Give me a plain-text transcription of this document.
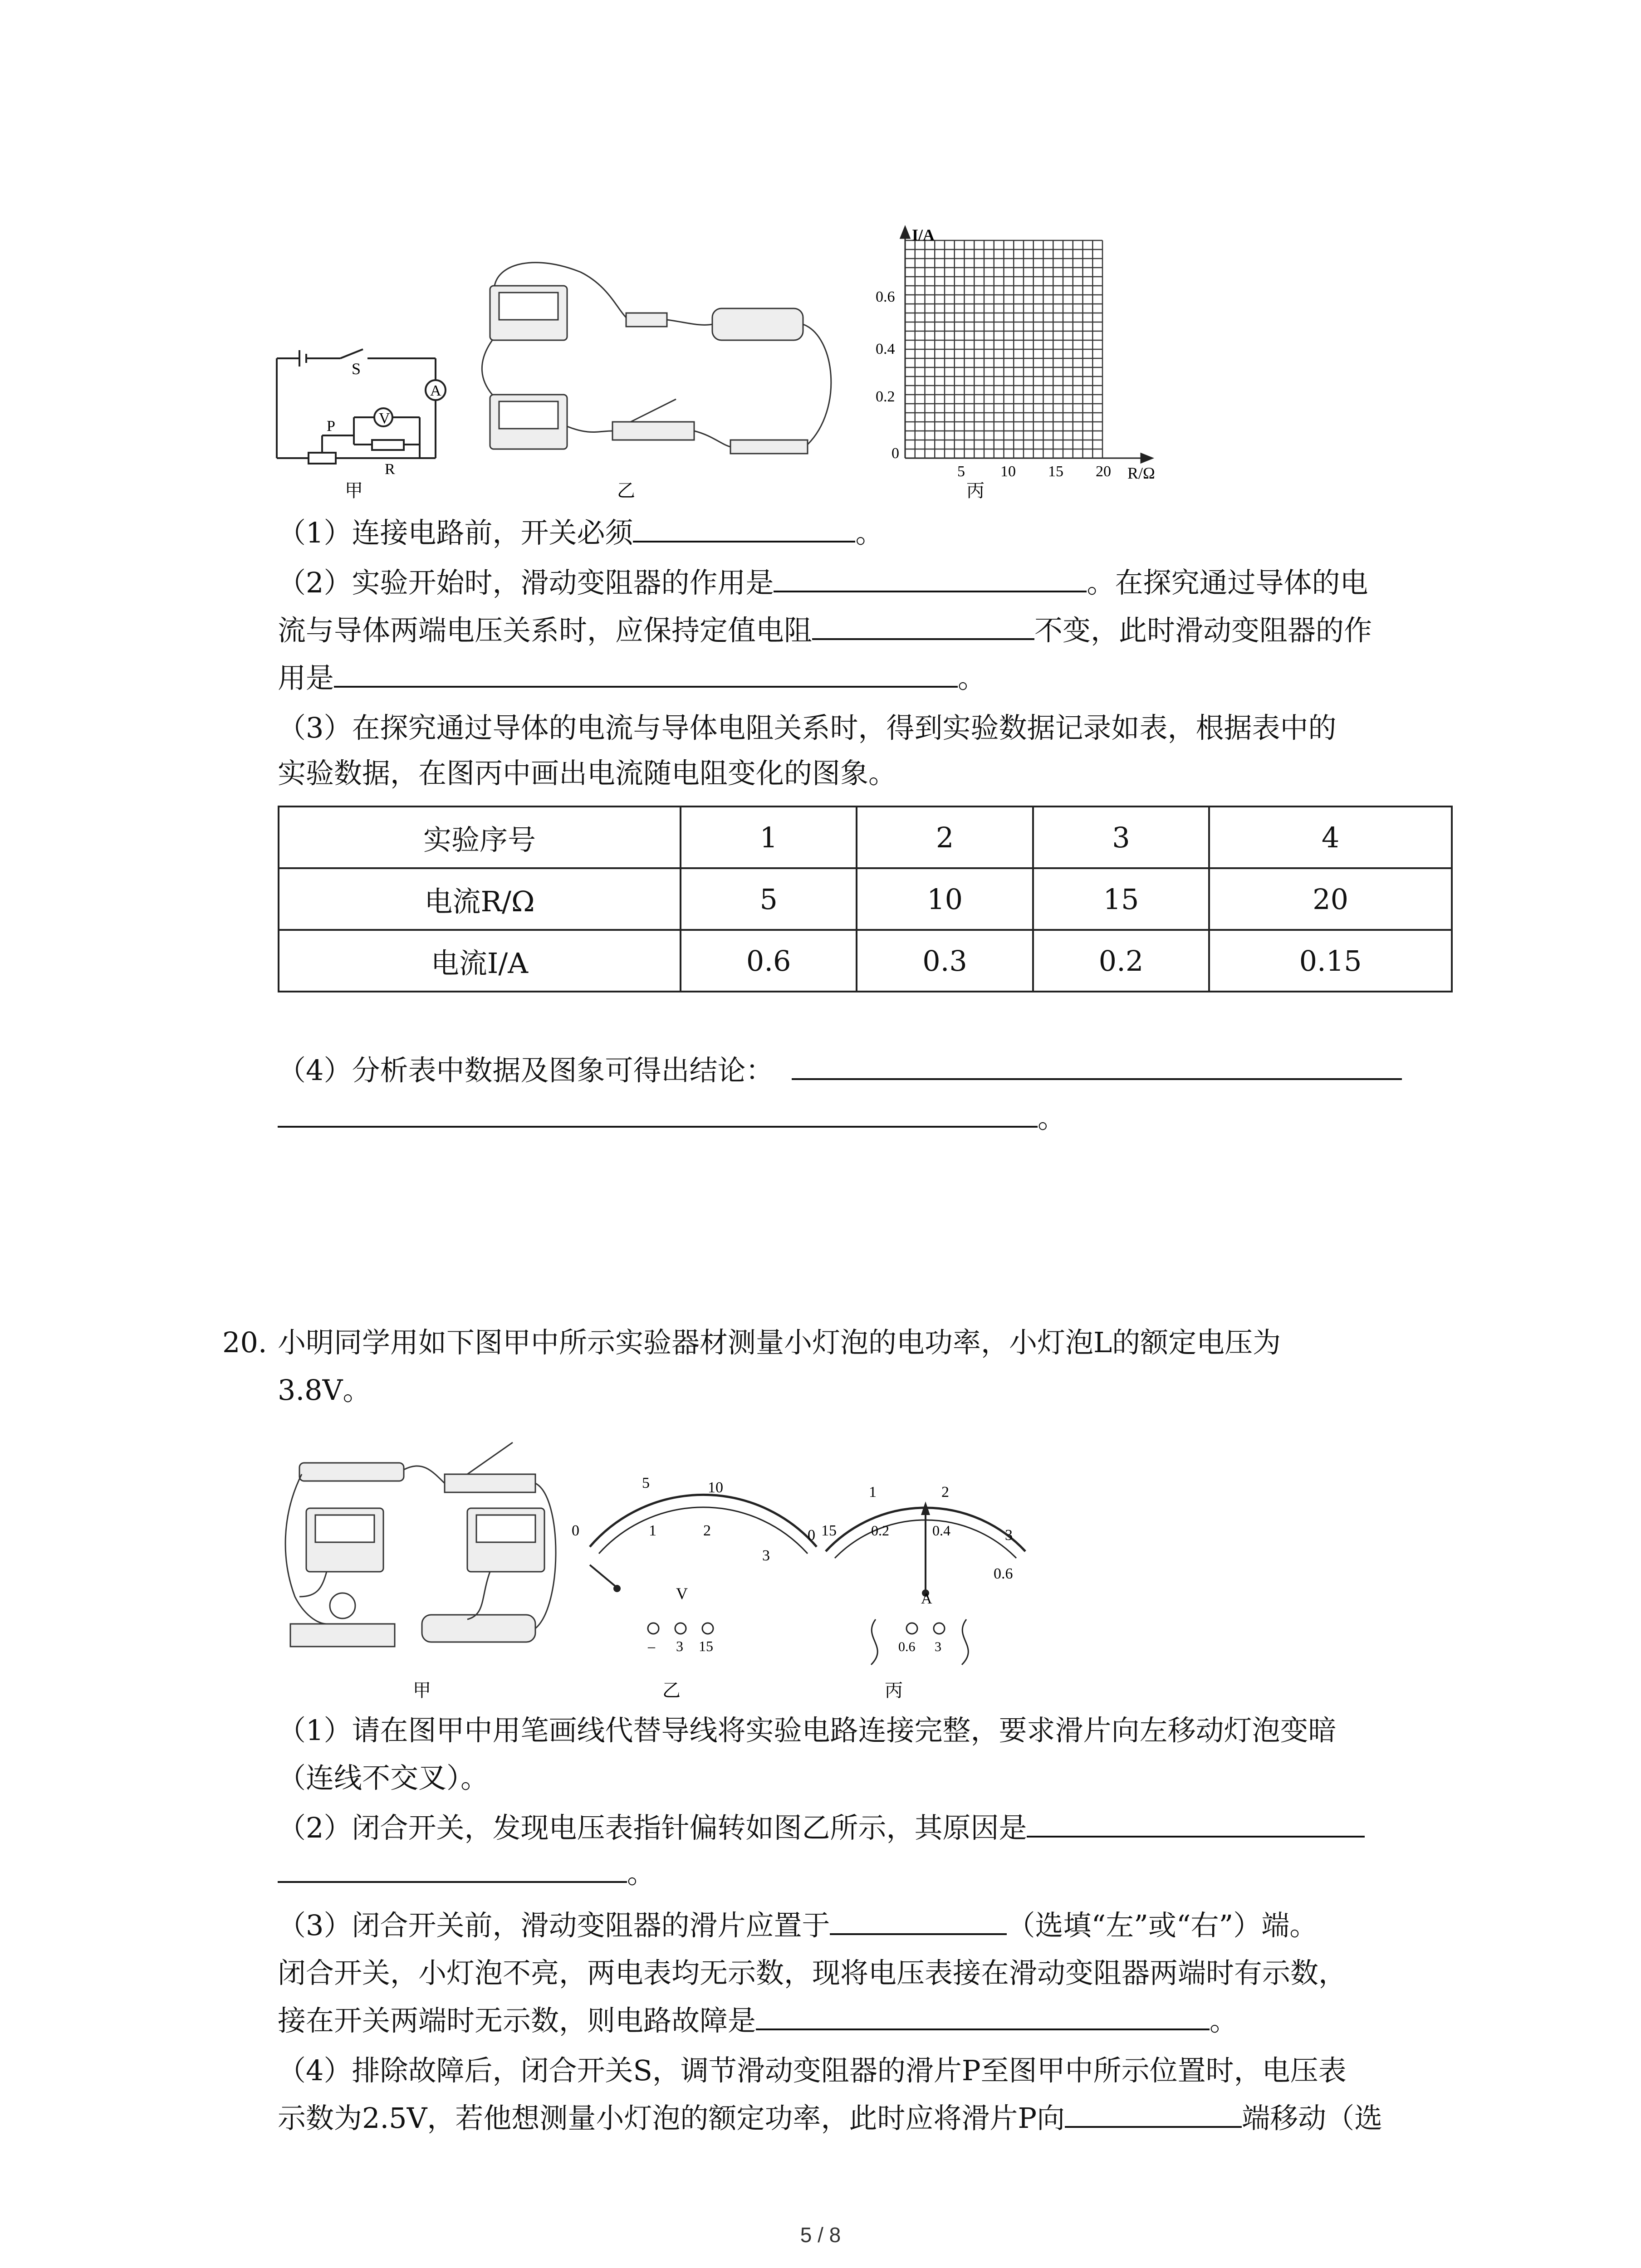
S
V
A
P
R
I/A
R/Ω
0.6
0.4
0.2
0
5 10 15 20
甲	乙	丙
（1）连接电路前，开关必须	。
（2）实验开始时，滑动变阻器的作用是	。在探究通过导体的电
流与导体两端电压关系时，应保持定值电阻	不变，此时滑动变阻器的作
用是	。
（3）在探究通过导体的电流与导体电阻关系时，得到实验数据记录如表，根据表中的
实验数据，在图丙中画出电流随电阻变化的图象。
实验序号	1	2	3	4
电流R/Ω	5	10	15	20
电流I/A	0.6	0.3	0.2	0.15
（4）分析表中数据及图象可得出结论：
。
20. 小明同学用如下图甲中所示实验器材测量小灯泡的电功率，小灯泡L的额定电压为
3.8V。
5	10
0	15
1	2
3
V
– 3 15
1	2
0	3
0.6
0.2	0.4
A
0.6 3
甲	乙	丙
（1）请在图甲中用笔画线代替导线将实验电路连接完整，要求滑片向左移动灯泡变暗
（连线不交叉）。
（2）闭合开关，发现电压表指针偏转如图乙所示，其原因是
。
（3）闭合开关前，滑动变阻器的滑片应置于	（选填“左”或“右”）端。
闭合开关，小灯泡不亮，两电表均无示数，现将电压表接在滑动变阻器两端时有示数，
接在开关两端时无示数，则电路故障是	。
（4）排除故障后，闭合开关S，调节滑动变阻器的滑片P至图甲中所示位置时，电压表
示数为2.5V，若他想测量小灯泡的额定功率，此时应将滑片P向	端移动（选
5 / 8
